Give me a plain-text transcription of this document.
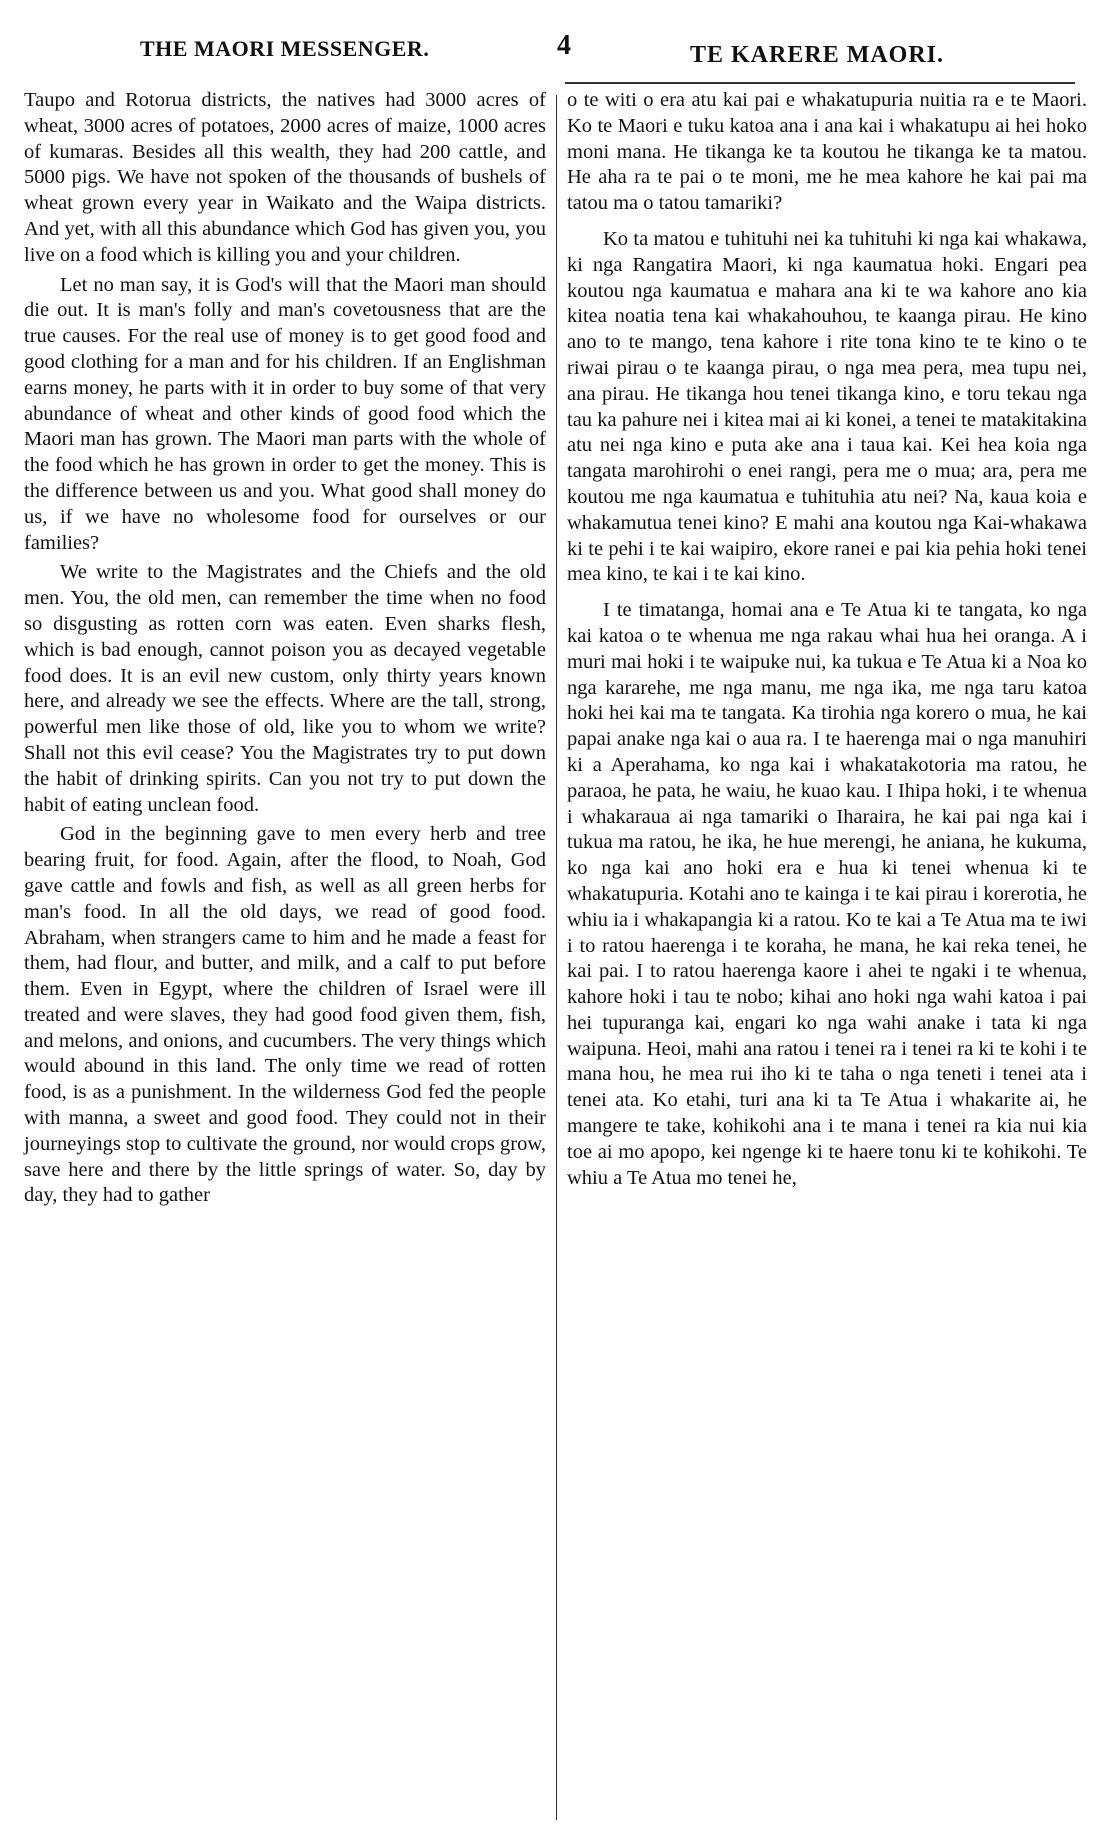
THE MAORI MESSENGER.	4	TE KARERE MAORI.

Taupo and Rotorua districts, the natives had 3000 acres of wheat, 3000 acres of potatoes, 2000 acres of maize, 1000 acres of kumaras. Besides all this wealth, they had 200 cattle, and 5000 pigs. We have not spoken of the thousands of bushels of wheat grown every year in Waikato and the Waipa districts. And yet, with all this abundance which God has given you, you live on a food which is killing you and your children.

Let no man say, it is God's will that the Maori man should die out. It is man's folly and man's covetousness that are the true causes. For the real use of money is to get good food and good clothing for a man and for his children. If an Englishman earns money, he parts with it in order to buy some of that very abundance of wheat and other kinds of good food which the Maori man has grown. The Maori man parts with the whole of the food which he has grown in order to get the money. This is the difference between us and you. What good shall money do us, if we have no wholesome food for ourselves or our families?

We write to the Magistrates and the Chiefs and the old men. You, the old men, can remember the time when no food so disgusting as rotten corn was eaten. Even sharks flesh, which is bad enough, cannot poison you as decayed vegetable food does. It is an evil new custom, only thirty years known here, and already we see the effects. Where are the tall, strong, powerful men like those of old, like you to whom we write? Shall not this evil cease? You the Magistrates try to put down the habit of drinking spirits. Can you not try to put down the habit of eating unclean food.

God in the beginning gave to men every herb and tree bearing fruit, for food. Again, after the flood, to Noah, God gave cattle and fowls and fish, as well as all green herbs for man's food. In all the old days, we read of good food. Abraham, when strangers came to him and he made a feast for them, had flour, and butter, and milk, and a calf to put before them. Even in Egypt, where the children of Israel were ill treated and were slaves, they had good food given them, fish, and melons, and onions, and cucumbers. The very things which would abound in this land. The only time we read of rotten food, is as a punishment. In the wilderness God fed the people with manna, a sweet and good food. They could not in their journeyings stop to cultivate the ground, nor would crops grow, save here and there by the little springs of water. So, day by day, they had to gather

o te witi o era atu kai pai e whakatupuria nuitia ra e te Maori. Ko te Maori e tuku katoa ana i ana kai i whakatupu ai hei hoko moni mana. He tikanga ke ta koutou he tikanga ke ta matou. He aha ra te pai o te moni, me he mea kahore he kai pai ma tatou ma o tatou tamariki?

Ko ta matou e tuhituhi nei ka tuhituhi ki nga kai whakawa, ki nga Rangatira Maori, ki nga kaumatua hoki. Engari pea koutou nga kaumatua e mahara ana ki te wa kahore ano kia kitea noatia tena kai whakahouhou, te kaanga pirau. He kino ano to te mango, tena kahore i rite tona kino te te kino o te riwai pirau o te kaanga pirau, o nga mea pera, mea tupu nei, ana pirau. He tikanga hou tenei tikanga kino, e toru tekau nga tau ka pahure nei i kitea mai ai ki konei, a tenei te matakitakina atu nei nga kino e puta ake ana i taua kai. Kei hea koia nga tangata marohirohi o enei rangi, pera me o mua; ara, pera me koutou me nga kaumatua e tuhituhia atu nei? Na, kaua koia e whakamutua tenei kino? E mahi ana koutou nga Kai-whakawa ki te pehi i te kai waipiro, ekore ranei e pai kia pehia hoki tenei mea kino, te kai i te kai kino.

I te timatanga, homai ana e Te Atua ki te tangata, ko nga kai katoa o te whenua me nga rakau whai hua hei oranga. A i muri mai hoki i te waipuke nui, ka tukua e Te Atua ki a Noa ko nga kararehe, me nga manu, me nga ika, me nga taru katoa hoki hei kai ma te tangata. Ka tirohia nga korero o mua, he kai papai anake nga kai o aua ra. I te haerenga mai o nga manuhiri ki a Aperahama, ko nga kai i whakatakotoria ma ratou, he paraoa, he pata, he waiu, he kuao kau. I Ihipa hoki, i te whenua i whakaraua ai nga tamariki o Iharaira, he kai pai nga kai i tukua ma ratou, he ika, he hue merengi, he aniana, he kukuma, ko nga kai ano hoki era e hua ki tenei whenua ki te whakatupuria. Kotahi ano te kainga i te kai pirau i korerotia, he whiu ia i whakapangia ki a ratou. Ko te kai a Te Atua ma te iwi i to ratou haerenga i te koraha, he mana, he kai reka tenei, he kai pai. I to ratou haerenga kaore i ahei te ngaki i te whenua, kahore hoki i tau te nobo; kihai ano hoki nga wahi katoa i pai hei tupuranga kai, engari ko nga wahi anake i tata ki nga waipuna. Heoi, mahi ana ratou i tenei ra i tenei ra ki te kohi i te mana hou, he mea rui iho ki te taha o nga teneti i tenei ata i tenei ata. Ko etahi, turi ana ki ta Te Atua i whakarite ai, he mangere te take, kohikohi ana i te mana i tenei ra kia nui kia toe ai mo apopo, kei ngenge ki te haere tonu ki te kohikohi. Te whiu a Te Atua mo tenei he,
